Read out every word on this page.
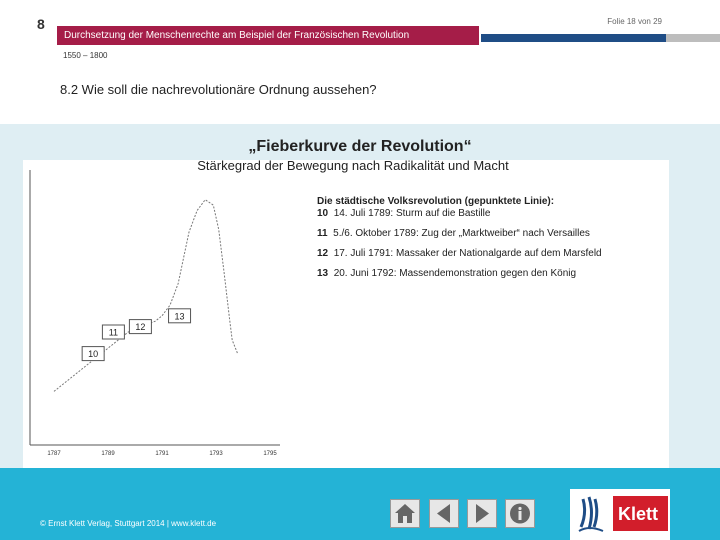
8	Folie 18 von 29
Durchsetzung der Menschenrechte am Beispiel der Französischen Revolution
1550 – 1800
8.2 Wie soll die nachrevolutionäre Ordnung aussehen?
„Fieberkurve der Revolution“
Stärkegrad der Bewegung nach Radikalität und Macht
1787	1789	1791	1793	1795
10
11
12
13
Die städtische Volksrevolution (gepunktete Linie):
10 14. Juli 1789: Sturm auf die Bastille
11 5./6. Oktober 1789: Zug der „Marktweiber“ nach Versailles
12 17. Juli 1791: Massaker der Nationalgarde auf dem Marsfeld
13 20. Juni 1792: Massendemonstration gegen den König
© Ernst Klett Verlag, Stuttgart 2014 | www.klett.de	Klett
